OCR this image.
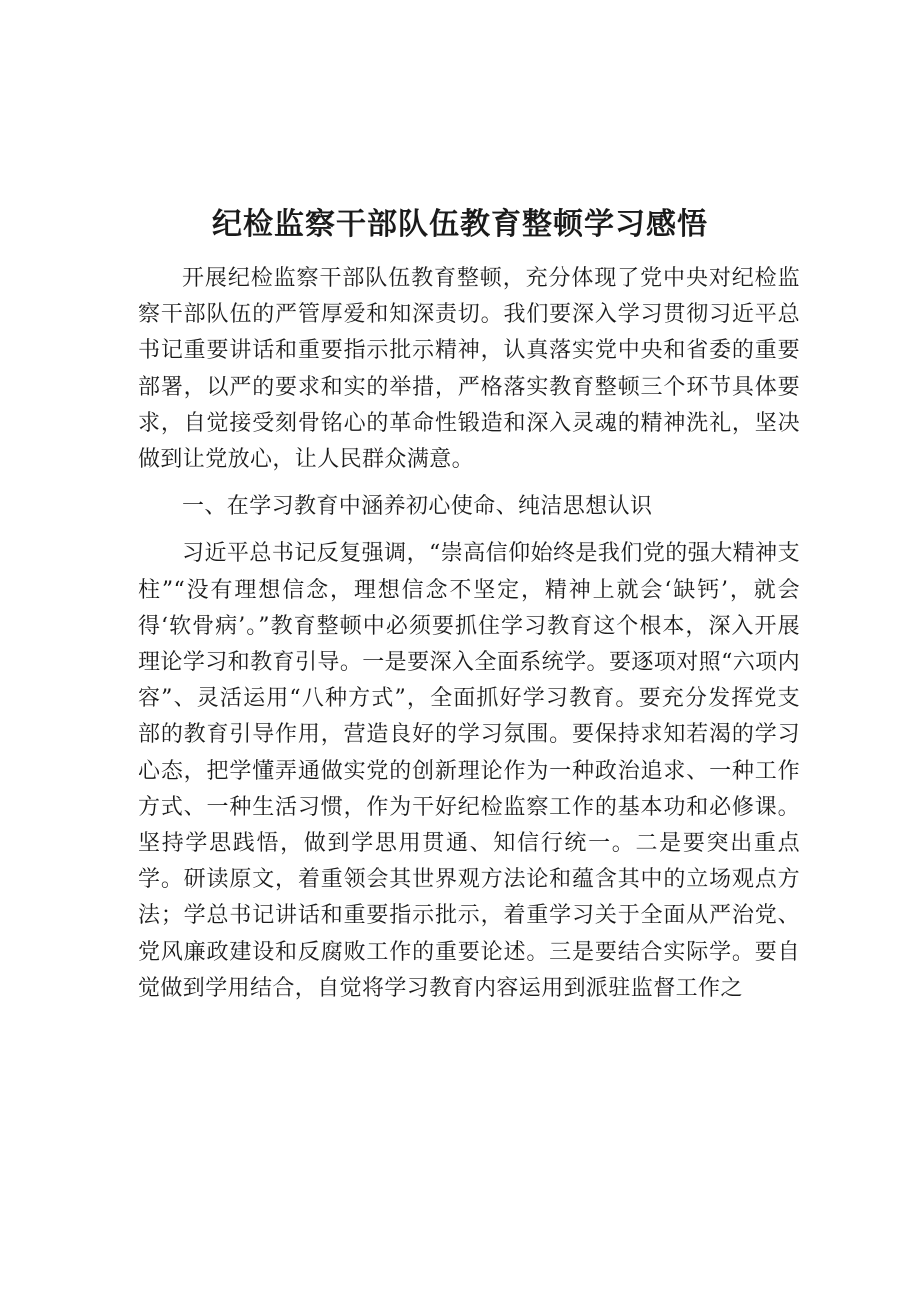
纪检监察干部队伍教育整顿学习感悟

开展纪检监察干部队伍教育整顿，充分体现了党中央对纪检监察干部队伍的严管厚爱和知深责切。我们要深入学习贯彻习近平总书记重要讲话和重要指示批示精神，认真落实党中央和省委的重要部署，以严的要求和实的举措，严格落实教育整顿三个环节具体要求，自觉接受刻骨铭心的革命性锻造和深入灵魂的精神洗礼，坚决做到让党放心，让人民群众满意。

一、在学习教育中涵养初心使命、纯洁思想认识

习近平总书记反复强调，“崇高信仰始终是我们党的强大精神支柱”“没有理想信念，理想信念不坚定，精神上就会‘缺钙’，就会得‘软骨病’。”教育整顿中必须要抓住学习教育这个根本，深入开展理论学习和教育引导。一是要深入全面系统学。要逐项对照“六项内容”、灵活运用“八种方式”，全面抓好学习教育。要充分发挥党支部的教育引导作用，营造良好的学习氛围。要保持求知若渴的学习心态，把学懂弄通做实党的创新理论作为一种政治追求、一种工作方式、一种生活习惯，作为干好纪检监察工作的基本功和必修课。坚持学思践悟，做到学思用贯通、知信行统一。二是要突出重点学。研读原文，着重领会其世界观方法论和蕴含其中的立场观点方法；学总书记讲话和重要指示批示，着重学习关于全面从严治党、党风廉政建设和反腐败工作的重要论述。三是要结合实际学。要自觉做到学用结合，自觉将学习教育内容运用到派驻监督工作之
